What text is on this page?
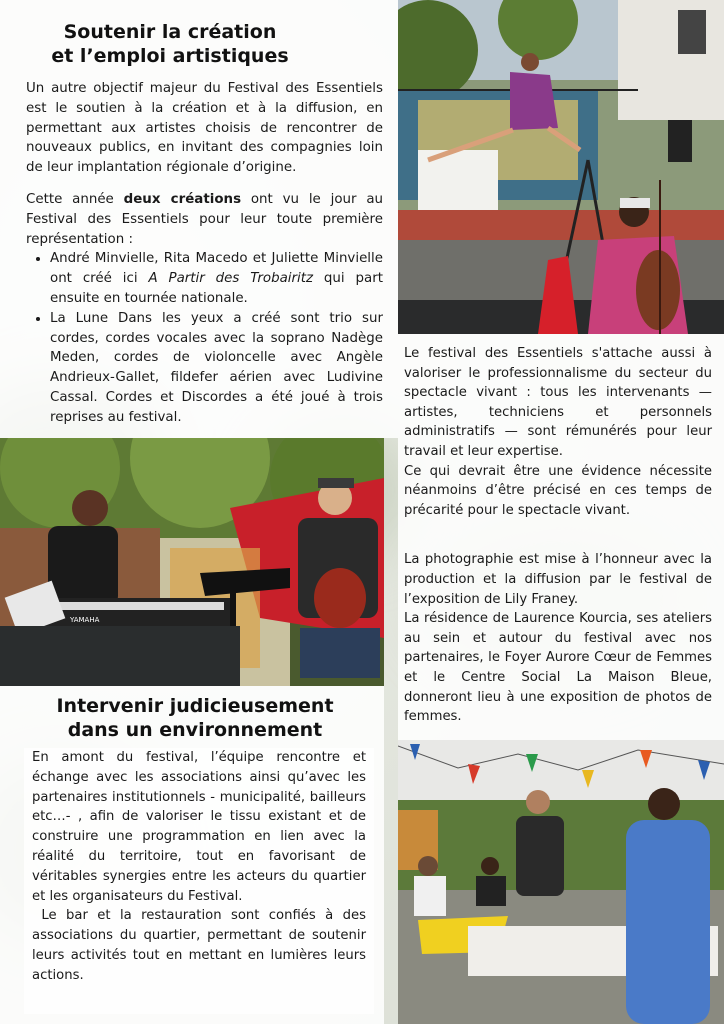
Soutenir la création
et l’emploi artistiques

Un autre objectif majeur du Festival des Essentiels est le soutien à la création et à la diffusion, en permettant aux artistes choisis de rencontrer de nouveaux publics, en invitant des compagnies loin de leur implantation régionale d’origine.

Cette année deux créations ont vu le jour au Festival des Essentiels pour leur toute première représentation :

• André Minvielle, Rita Macedo et Juliette Minvielle ont créé ici A Partir des Trobairitz qui part ensuite en tournée nationale.
• La Lune Dans les yeux a créé sont trio sur cordes, cordes vocales avec la soprano Nadège Meden, cordes de violoncelle avec Angèle Andrieux-Gallet, fildefer aérien avec Ludivine Cassal. Cordes et Discordes a été joué à trois reprises au festival.
YAMAHA
Intervenir judicieusement
dans un environnement

En amont du festival, l’équipe rencontre et échange avec les associations ainsi qu’avec les partenaires institutionnels - municipalité, bailleurs etc…- , afin de valoriser le tissu existant et de construire une programmation en lien avec la réalité du territoire, tout en favorisant de véritables synergies entre les acteurs du quartier et les organisateurs du Festival.

Le bar et la restauration sont confiés à des associations du quartier, permettant de soutenir leurs activités tout en mettant en lumières leurs actions.

Le festival des Essentiels s'attache aussi à valoriser le professionnalisme du secteur du spectacle vivant : tous les intervenants — artistes, techniciens et personnels administratifs — sont rémunérés pour leur travail et leur expertise.

Ce qui devrait être une évidence nécessite néanmoins d’être précisé en ces temps de précarité pour le spectacle vivant.

La photographie est mise à l’honneur avec la production et la diffusion par le festival de l’exposition de Lily Franey.

La résidence de Laurence Kourcia, ses ateliers au sein et autour du festival avec nos partenaires, le Foyer Aurore Cœur de Femmes et le Centre Social La Maison Bleue, donneront lieu à une exposition de photos de femmes.
